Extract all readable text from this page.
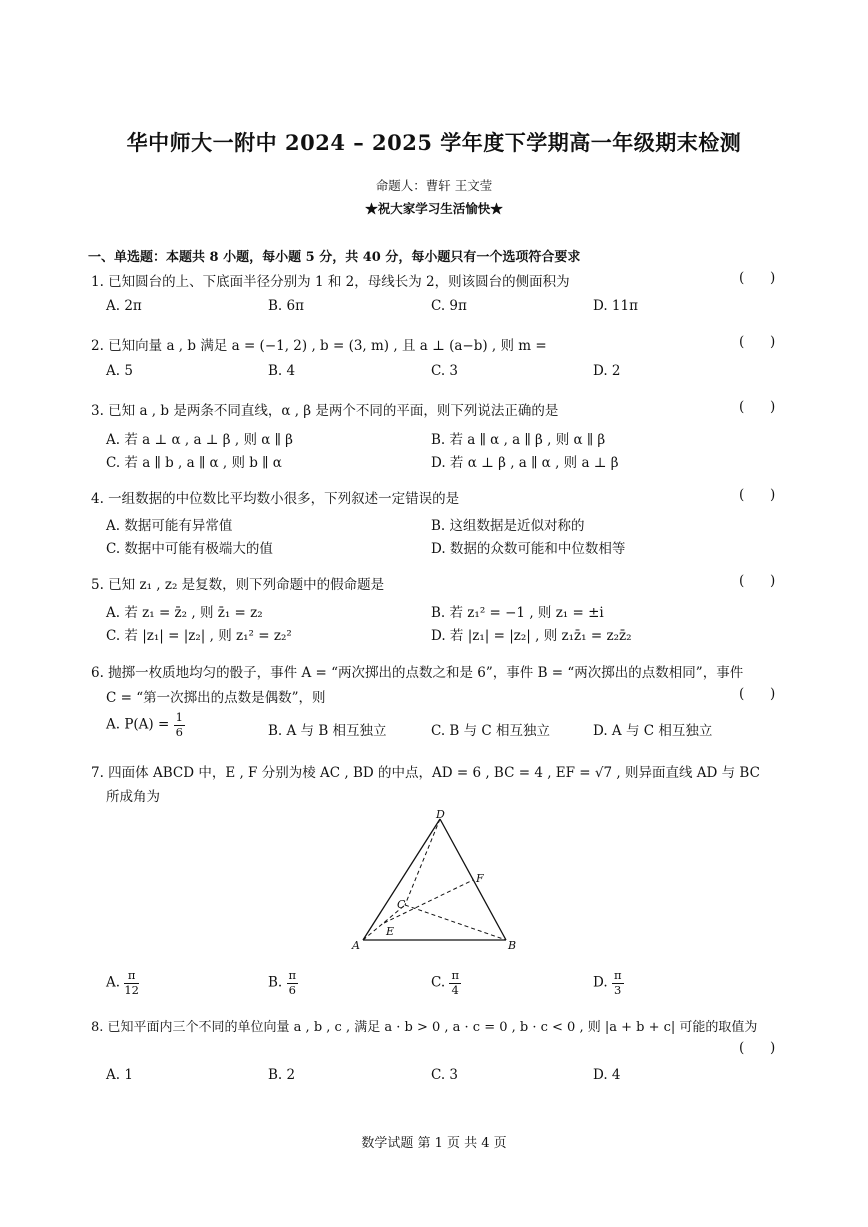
华中师大一附中 2024 – 2025 学年度下学期高一年级期末检测
命题人：曹轩 王文莹
★祝大家学习生活愉快★
一、单选题：本题共 8 小题，每小题 5 分，共 40 分，每小题只有一个选项符合要求
1. 已知圆台的上、下底面半径分别为 1 和 2，母线长为 2，则该圆台的侧面积为	(      )
A. 2π	B. 6π	C. 9π	D. 11π
2. 已知向量 a , b 满足 a = (−1, 2) , b = (3, m) , 且 a ⊥ (a−b) , 则 m =	(      )
A. 5	B. 4	C. 3	D. 2
3. 已知 a , b 是两条不同直线，α , β 是两个不同的平面，则下列说法正确的是	(      )
A. 若 a ⊥ α , a ⊥ β , 则 α ∥ β	B. 若 a ∥ α , a ∥ β , 则 α ∥ β
C. 若 a ∥ b , a ∥ α , 则 b ∥ α	D. 若 α ⊥ β , a ∥ α , 则 a ⊥ β
4. 一组数据的中位数比平均数小很多，下列叙述一定错误的是	(      )
A. 数据可能有异常值	B. 这组数据是近似对称的
C. 数据中可能有极端大的值	D. 数据的众数可能和中位数相等
5. 已知 z₁ , z₂ 是复数，则下列命题中的假命题是	(      )
A. 若 z₁ = z̄₂ , 则 z̄₁ = z₂	B. 若 z₁² = −1 , 则 z₁ = ±i
C. 若 |z₁| = |z₂| , 则 z₁² = z₂²	D. 若 |z₁| = |z₂| , 则 z₁z̄₁ = z₂z̄₂
6. 抛掷一枚质地均匀的骰子，事件 A = “两次掷出的点数之和是 6”，事件 B = “两次掷出的点数相同”，事件
C = “第一次掷出的点数是偶数”，则	(      )
A. $P(A) = \frac{1}{6}$	B. A 与 B 相互独立	C. B 与 C 相互独立	D. A 与 C 相互独立
7. 四面体 ABCD 中，E , F 分别为棱 AC , BD 的中点，AD = 6 , BC = 4 , EF = √7 , 则异面直线 AD 与 BC
所成角为
D
F
C
E
A	B
A. $\frac{\pi}{12}$	B. $\frac{\pi}{6}$	C. $\frac{\pi}{4}$	D. $\frac{\pi}{3}$
8. 已知平面内三个不同的单位向量 a , b , c , 满足 a · b > 0 , a · c = 0 , b · c < 0 , 则 |a + b + c| 可能的取值为
(      )
A. 1	B. 2	C. 3	D. 4
数学试题 第 1 页 共 4 页
